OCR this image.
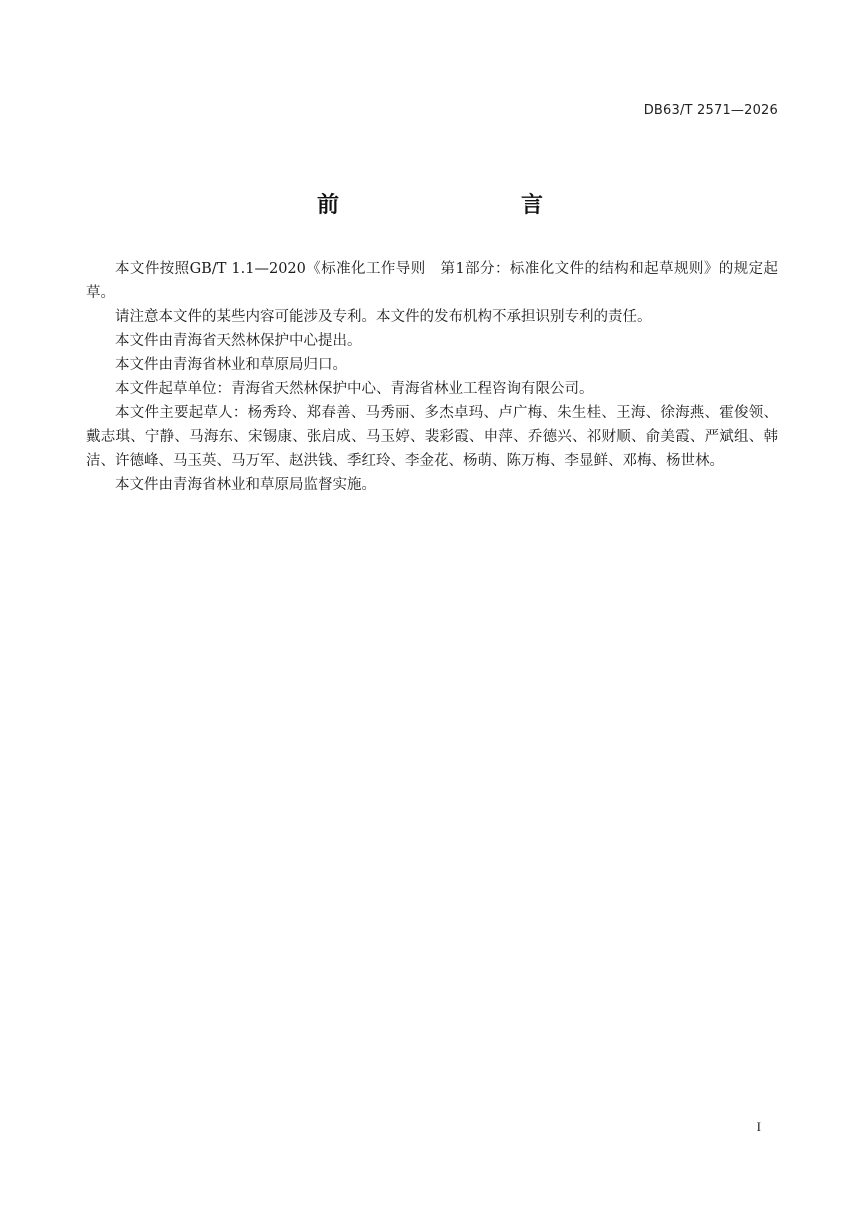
DB63/T 2571—2026
前　　言

本文件按照GB/T 1.1—2020《标准化工作导则　第1部分：标准化文件的结构和起草规则》的规定起草。

请注意本文件的某些内容可能涉及专利。本文件的发布机构不承担识别专利的责任。

本文件由青海省天然林保护中心提出。

本文件由青海省林业和草原局归口。

本文件起草单位：青海省天然林保护中心、青海省林业工程咨询有限公司。

本文件主要起草人：杨秀玲、郑春善、马秀丽、多杰卓玛、卢广梅、朱生桂、王海、徐海燕、霍俊领、戴志琪、宁静、马海东、宋锡康、张启成、马玉婷、裴彩霞、申萍、乔德兴、祁财顺、俞美霞、严斌组、韩洁、许德峰、马玉英、马万军、赵洪钱、季红玲、李金花、杨萌、陈万梅、李显鲜、邓梅、杨世林。

本文件由青海省林业和草原局监督实施。

I
